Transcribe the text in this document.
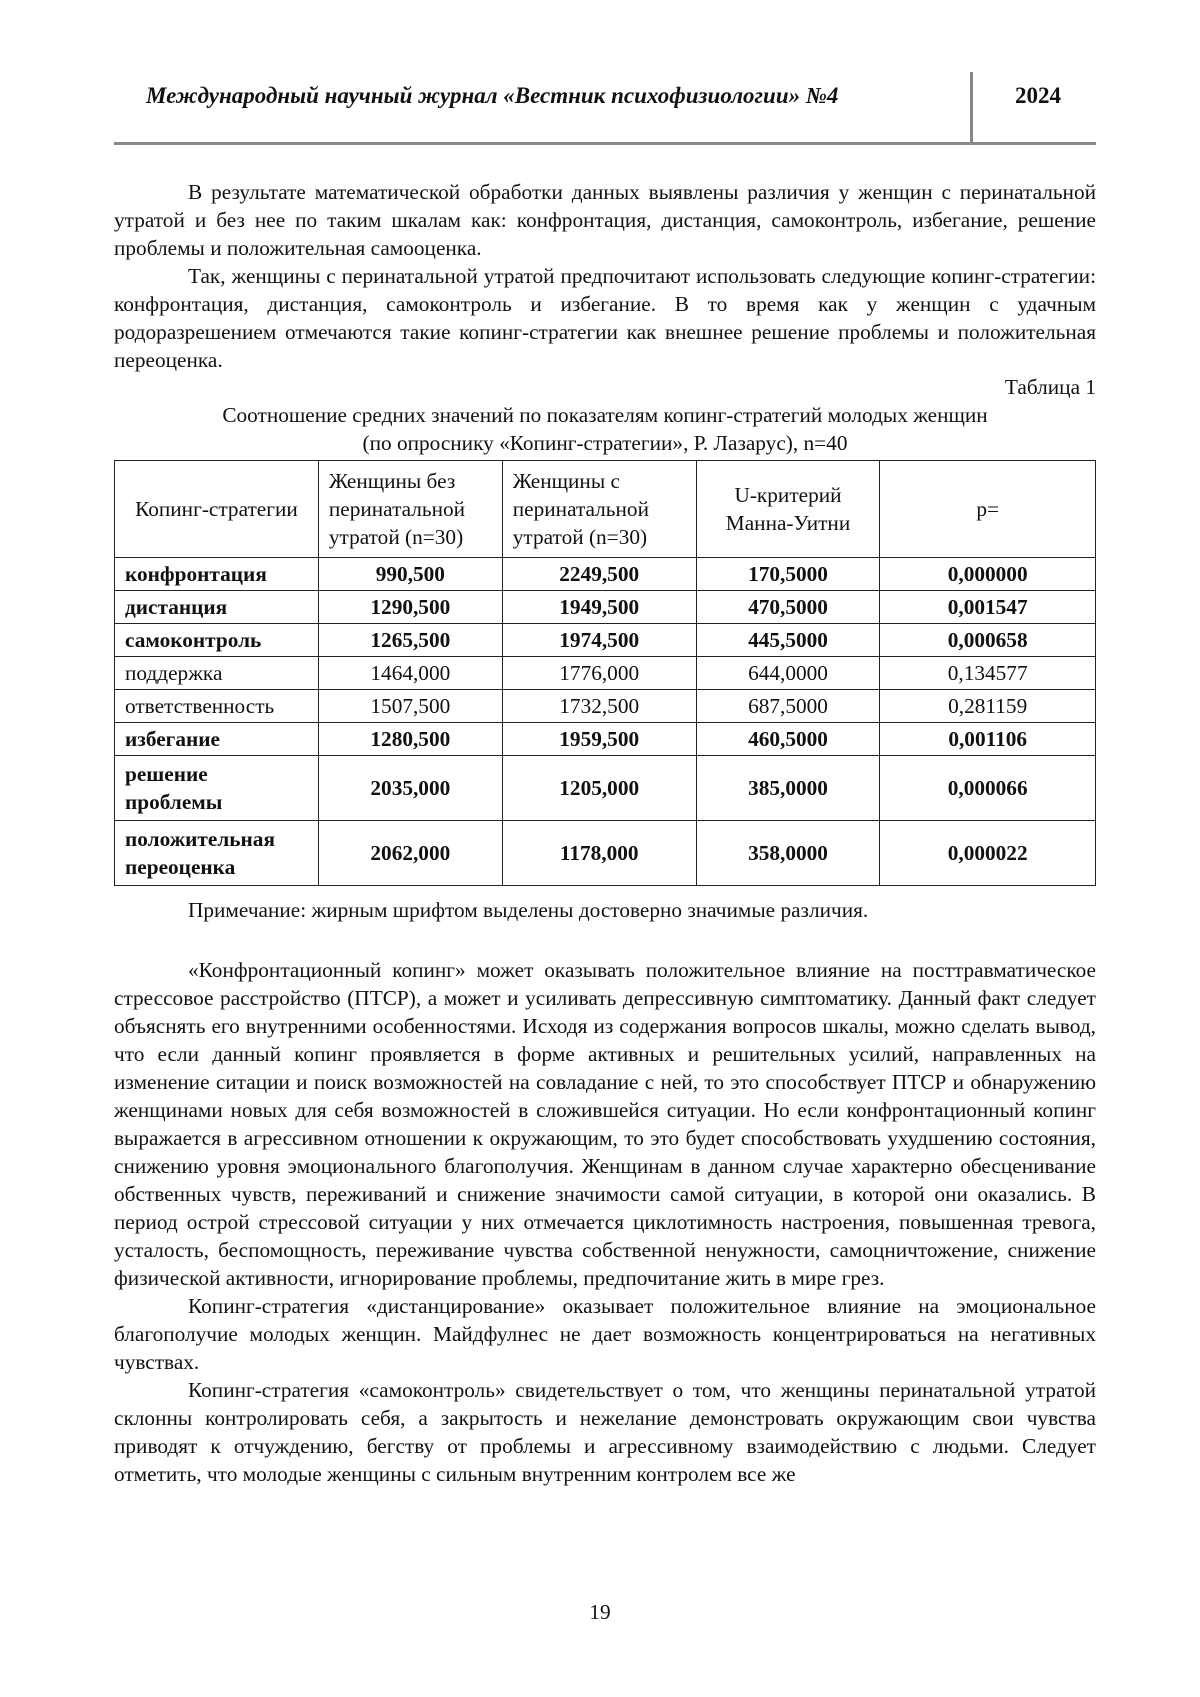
Международный научный журнал «Вестник психофизиологии» №4	2024

В результате математической обработки данных выявлены различия у женщин с перинатальной утратой и без нее по таким шкалам как: конфронтация, дистанция, самоконтроль, избегание, решение проблемы и положительная самооценка.

Так, женщины с перинатальной утратой предпочитают использовать следующие копинг-стратегии: конфронтация, дистанция, самоконтроль и избегание. В то время как у женщин с удачным родоразрешением отмечаются такие копинг-стратегии как внешнее решение проблемы и положительная переоценка.

Таблица 1
Соотношение средних значений по показателям копинг-стратегий молодых женщин
(по опроснику «Копинг-стратегии», Р. Лазарус), n=40
Копинг-стратегии	Женщины без перинатальной утратой (n=30)	Женщины с перинатальной утратой (n=30)	U-критерий Манна-Уитни	p=
конфронтация	990,500	2249,500	170,5000	0,000000
дистанция	1290,500	1949,500	470,5000	0,001547
самоконтроль	1265,500	1974,500	445,5000	0,000658
поддержка	1464,000	1776,000	644,0000	0,134577
ответственность	1507,500	1732,500	687,5000	0,281159
избегание	1280,500	1959,500	460,5000	0,001106
решение проблемы	2035,000	1205,000	385,0000	0,000066
положительная переоценка	2062,000	1178,000	358,0000	0,000022
Примечание: жирным шрифтом выделены достоверно значимые различия.

«Конфронтационный копинг» может оказывать положительное влияние на посттравматическое стрессовое расстройство (ПТСР), а может и усиливать депрессивную симптоматику. Данный факт следует объяснять его внутренними особенностями. Исходя из содержания вопросов шкалы, можно сделать вывод, что если данный копинг проявляется в форме активных и решительных усилий, направленных на изменение ситации и поиск возможностей на совладание с ней, то это способствует ПТСР и обнаружению женщинами новых для себя возможностей в сложившейся ситуации. Но если конфронтационный копинг выражается в агрессивном отношении к окружающим, то это будет способствовать ухудшению состояния, снижению уровня эмоционального благополучия. Женщинам в данном случае характерно обесценивание обственных чувств, переживаний и снижение значимости самой ситуации, в которой они оказались. В период острой стрессовой ситуации у них отмечается циклотимность настроения, повышенная тревога, усталость, беспомощность, переживание чувства собственной ненужности, самоцничтожение, снижение физической активности, игнорирование проблемы, предпочитание жить в мире грез.

Копинг-стратегия «дистанцирование» оказывает положительное влияние на эмоциональное благополучие молодых женщин. Майдфулнес не дает возможность концентрироваться на негативных чувствах.

Копинг-стратегия «самоконтроль» свидетельствует о том, что женщины перинатальной утратой склонны контролировать себя, а закрытость и нежелание демонстровать окружающим свои чувства приводят к отчуждению, бегству от проблемы и агрессивному взаимодействию с людьми. Следует отметить, что молодые женщины с сильным внутренним контролем все же

19
